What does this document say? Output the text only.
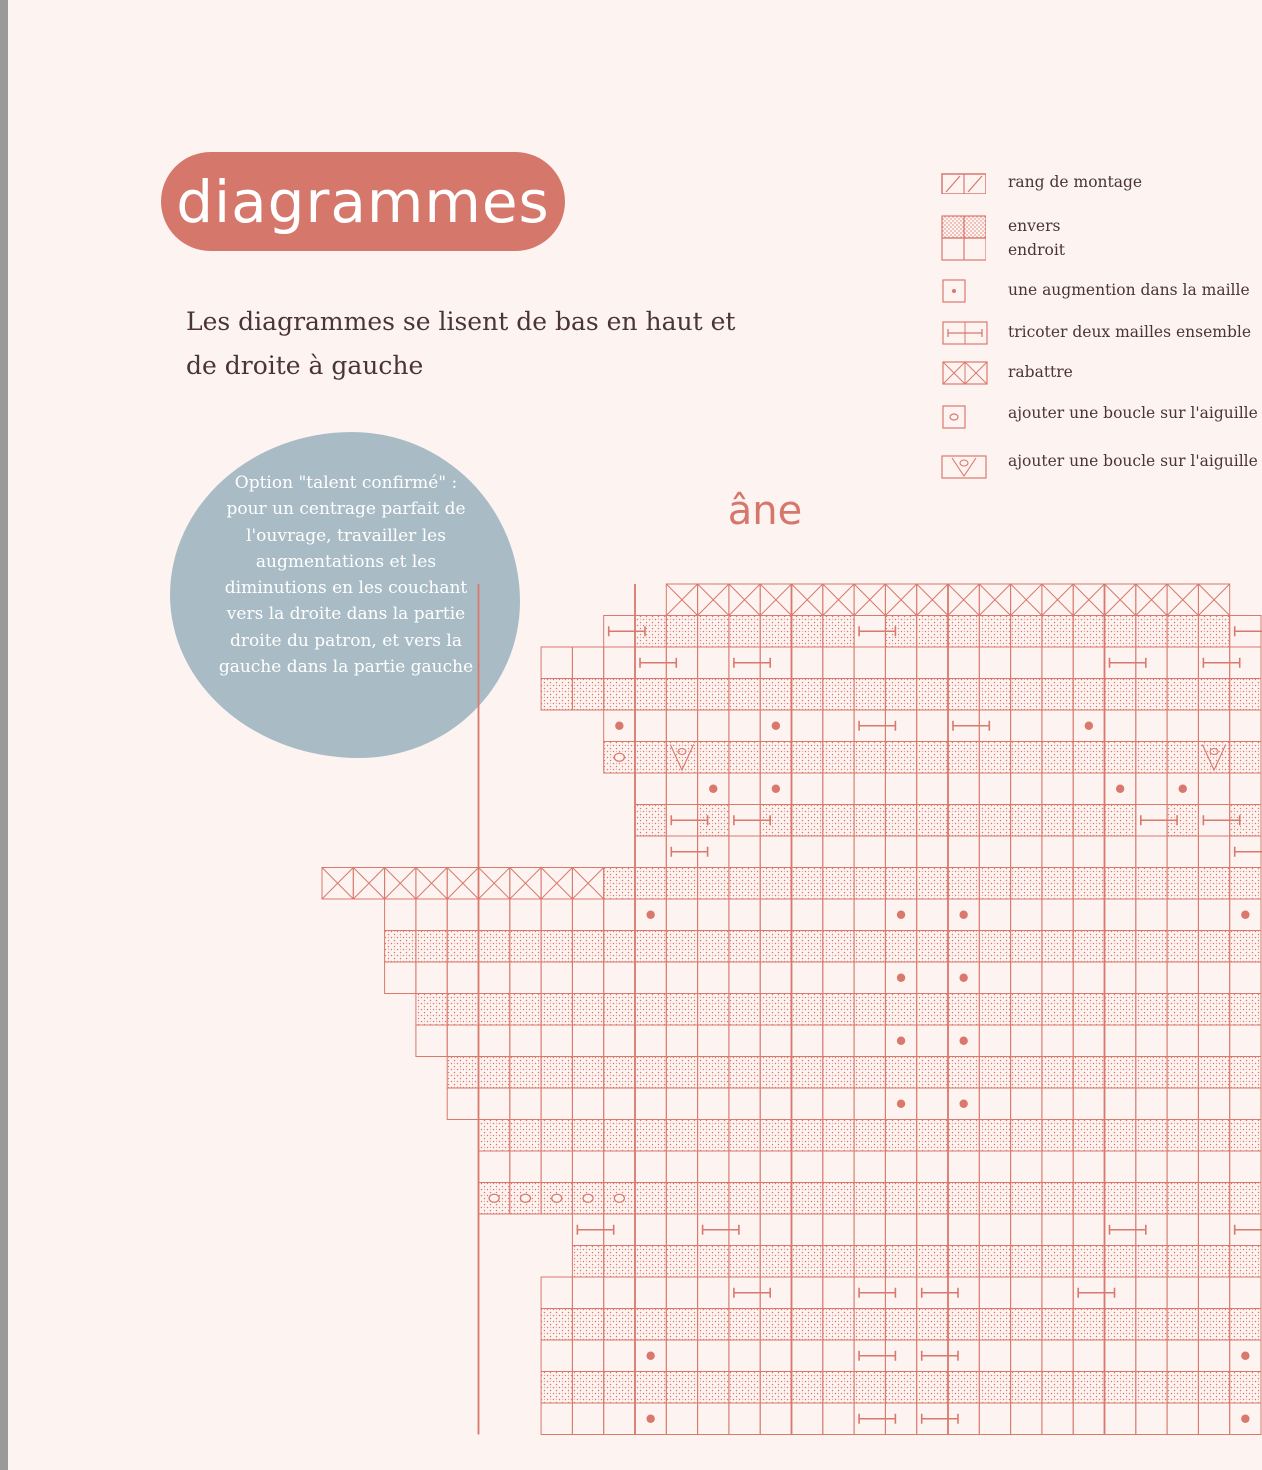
diagrammes
Les diagrammes se lisent de bas en haut et de droite à gauche
Option "talent confirmé" : pour un centrage parfait de l'ouvrage, travailler les augmentations et les diminutions en les couchant vers la droite dans la partie droite du patron, et vers la gauche dans la partie gauche
rang de montage
envers
endroit
une augmention dans la maille
tricoter deux mailles ensemble
rabattre
ajouter une boucle sur l'aiguille
ajouter une boucle sur l'aiguille
âne
